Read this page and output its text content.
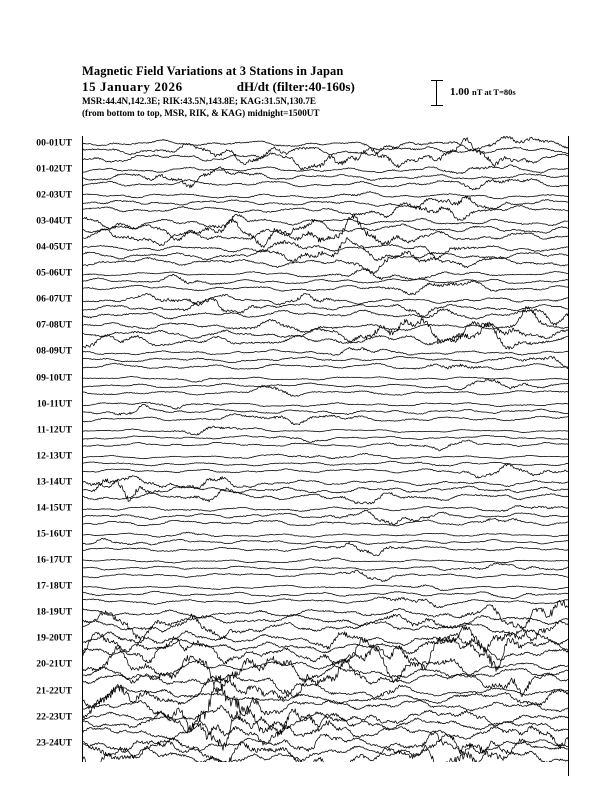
Magnetic Field Variations at 3 Stations in Japan
15 January 2026	dH/dt (filter:40-160s)
MSR:44.4N,142.3E; RIK:43.5N,143.8E; KAG:31.5N,130.7E
(from bottom to top, MSR, RIK, & KAG) midnight=1500UT
1.00 nT at T=80s
00-01UT
01-02UT
02-03UT
03-04UT
04-05UT
05-06UT
06-07UT
07-08UT
08-09UT
09-10UT
10-11UT
11-12UT
12-13UT
13-14UT
14-15UT
15-16UT
16-17UT
17-18UT
18-19UT
19-20UT
20-21UT
21-22UT
22-23UT
23-24UT
